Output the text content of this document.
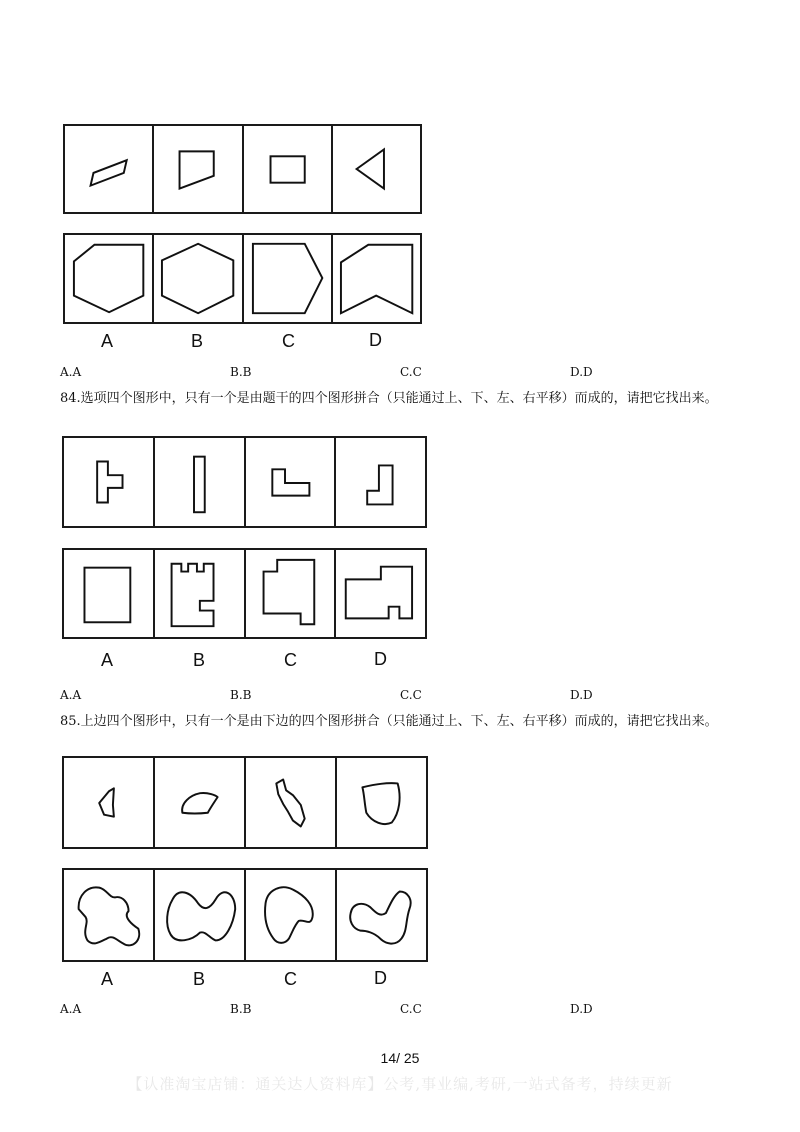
A	B	C	D
A.A	B.B	C.C	D.D
84.选项四个图形中，只有一个是由题干的四个图形拼合（只能通过上、下、左、右平移）而成的，请把它找出来。
A	B	C	D
A.A	B.B	C.C	D.D
85.上边四个图形中，只有一个是由下边的四个图形拼合（只能通过上、下、左、右平移）而成的，请把它找出来。
A	B	C	D
A.A	B.B	C.C	D.D
14/ 25
【认准淘宝店铺：通关达人资料库】公考,事业编,考研,一站式备考，持续更新
